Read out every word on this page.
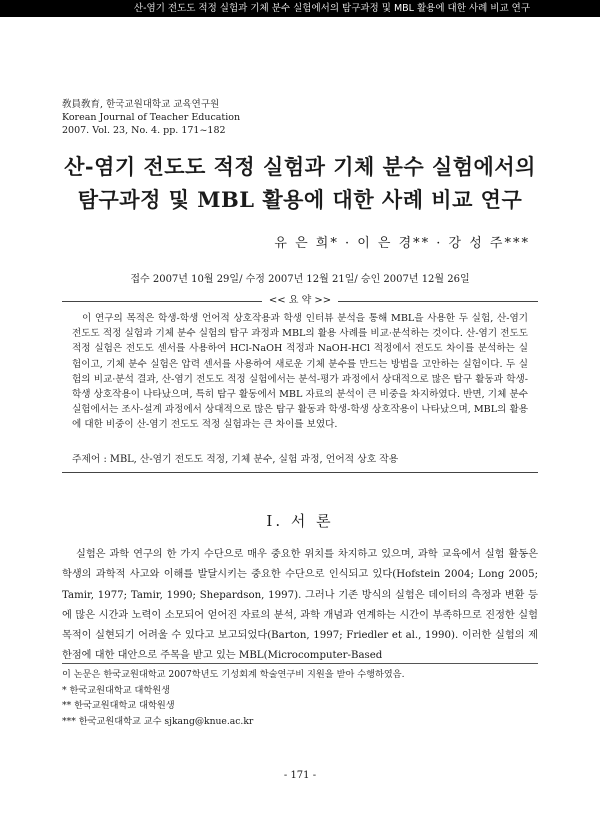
산-염기 전도도 적정 실험과 기체 분수 실험에서의 탐구과정 및 MBL 활용에 대한 사례 비교 연구
敎員敎育, 한국교원대학교 교육연구원
Korean Journal of Teacher Education
2007. Vol. 23, No. 4. pp. 171~182
산-염기 전도도 적정 실험과 기체 분수 실험에서의
탐구과정 및 MBL 활용에 대한 사례 비교 연구
유 은 희* · 이 은 경** · 강 성 주***
접수 2007년 10월 29일/ 수정 2007년 12월 21일/ 승인 2007년 12월 26일
<< 요 약 >>

이 연구의 목적은 학생-학생 언어적 상호작용과 학생 인터뷰 분석을 통해 MBL을 사용한 두 실험, 산-염기 전도도 적정 실험과 기체 분수 실험의 탐구 과정과 MBL의 활용 사례를 비교·분석하는 것이다. 산-염기 전도도 적정 실험은 전도도 센서를 사용하여 HCl-NaOH 적정과 NaOH-HCl 적정에서 전도도 차이를 분석하는 실험이고, 기체 분수 실험은 압력 센서를 사용하여 새로운 기체 분수를 만드는 방법을 고안하는 실험이다. 두 실험의 비교·분석 결과, 산-염기 전도도 적정 실험에서는 분석-평가 과정에서 상대적으로 많은 탐구 활동과 학생-학생 상호작용이 나타났으며, 특히 탐구 활동에서 MBL 자료의 분석이 큰 비중을 차지하였다. 반면, 기체 분수 실험에서는 조사-설계 과정에서 상대적으로 많은 탐구 활동과 학생-학생 상호작용이 나타났으며, MBL의 활용에 대한 비중이 산-염기 전도도 적정 실험과는 큰 차이를 보였다.

주제어 : MBL, 산-염기 전도도 적정, 기체 분수, 실험 과정, 언어적 상호 작용
Ⅰ. 서 론

실험은 과학 연구의 한 가지 수단으로 매우 중요한 위치를 차지하고 있으며, 과학 교육에서 실험 활동은 학생의 과학적 사고와 이해를 발달시키는 중요한 수단으로 인식되고 있다(Hofstein 2004; Long 2005; Tamir, 1977; Tamir, 1990; Shepardson, 1997). 그러나 기존 방식의 실험은 데이터의 측정과 변환 등에 많은 시간과 노력이 소모되어 얻어진 자료의 분석, 과학 개념과 연계하는 시간이 부족하므로 진정한 실험 목적이 실현되기 어려울 수 있다고 보고되었다(Barton, 1997; Friedler et al., 1990). 이러한 실험의 제한점에 대한 대안으로 주목을 받고 있는 MBL(Microcomputer-Based

이 논문은 한국교원대학교 2007학년도 기성회계 학술연구비 지원을 받아 수행하였음.
* 한국교원대학교 대학원생
** 한국교원대학교 대학원생
*** 한국교원대학교 교수 sjkang@knue.ac.kr
- 171 -
